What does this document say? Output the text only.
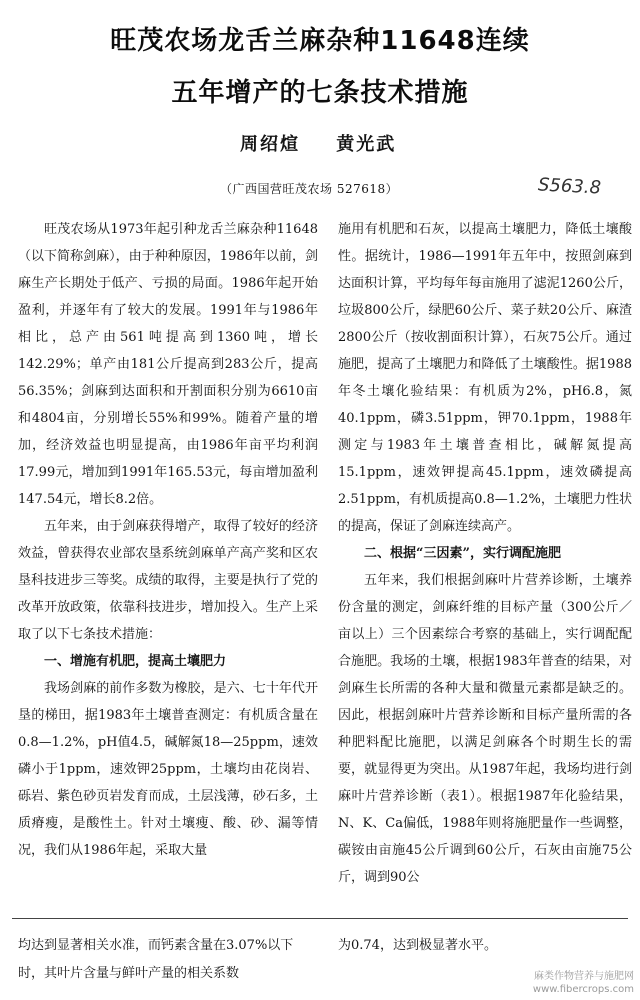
旺茂农场龙舌兰麻杂种11648连续
五年增产的七条技术措施
周绍煊 黄光武
（广西国营旺茂农场 527618）	S563.8

旺茂农场从1973年起引种龙舌兰麻杂种11648（以下简称剑麻），由于种种原因，1986年以前，剑麻生产长期处于低产、亏损的局面。1986年起开始盈利，并逐年有了较大的发展。1991年与1986年相比，总产由561吨提高到1360吨，增长142.29%；单产由181公斤提高到283公斤，提高56.35%；剑麻到达面积和开割面积分别为6610亩和4804亩，分别增长55%和99%。随着产量的增加，经济效益也明显提高，由1986年亩平均利润17.99元，增加到1991年165.53元，每亩增加盈利147.54元，增长8.2倍。

五年来，由于剑麻获得增产，取得了较好的经济效益，曾获得农业部农垦系统剑麻单产高产奖和区农垦科技进步三等奖。成绩的取得，主要是执行了党的改革开放政策，依靠科技进步，增加投入。生产上采取了以下七条技术措施：

一、增施有机肥，提高土壤肥力

我场剑麻的前作多数为橡胶，是六、七十年代开垦的梯田，据1983年土壤普查测定：有机质含量在0.8—1.2%，pH值4.5，碱解氮18—25ppm，速效磷小于1ppm，速效钾25ppm，土壤均由花岗岩、砾岩、紫色砂页岩发育而成，土层浅薄，砂石多，土质瘠瘦，是酸性土。针对土壤瘦、酸、砂、漏等情况，我们从1986年起，采取大量

施用有机肥和石灰，以提高土壤肥力，降低土壤酸性。据统计，1986—1991年五年中，按照剑麻到达面积计算，平均每年每亩施用了滤泥1260公斤，垃圾800公斤，绿肥60公斤、菜子麸20公斤、麻渣2800公斤（按收割面积计算），石灰75公斤。通过施肥，提高了土壤肥力和降低了土壤酸性。据1988年冬土壤化验结果：有机质为2%，pH6.8，氮40.1ppm，磷3.51ppm，钾70.1ppm，1988年测定与1983年土壤普查相比，碱解氮提高15.1ppm，速效钾提高45.1ppm，速效磷提高2.51ppm，有机质提高0.8—1.2%，土壤肥力性状的提高，保证了剑麻连续高产。

二、根据“三因素”，实行调配施肥

五年来，我们根据剑麻叶片营养诊断，土壤养份含量的测定，剑麻纤维的目标产量（300公斤／亩以上）三个因素综合考察的基础上，实行调配配合施肥。我场的土壤，根据1983年普查的结果，对剑麻生长所需的各种大量和微量元素都是缺乏的。因此，根据剑麻叶片营养诊断和目标产量所需的各种肥料配比施肥，以满足剑麻各个时期生长的需要，就显得更为突出。从1987年起，我场均进行剑麻叶片营养诊断（表1）。根据1987年化验结果，N、K、Ca偏低，1988年则将施肥量作一些调整，碳铵由亩施45公斤调到60公斤，石灰由亩施75公斤，调到90公

均达到显著相关水准，而钙素含量在3.07%以下时，其叶片含量与鲜叶产量的相关系数
为0.74，达到极显著水平。
麻类作物营养与施肥网
www.fibercrops.com
